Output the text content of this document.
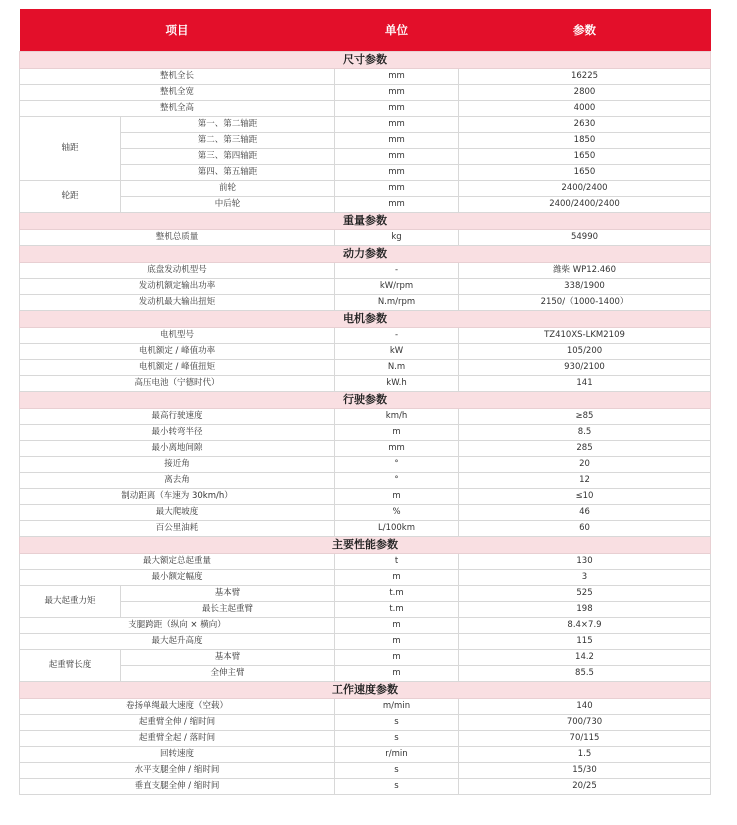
项目		单位	参数
尺寸参数			
整机全长		mm	16225
整机全宽		mm	2800
整机全高		mm	4000
轴距	第一、第二轴距	mm	2630
	第二、第三轴距	mm	1850
	第三、第四轴距	mm	1650
	第四、第五轴距	mm	1650
轮距	前轮	mm	2400/2400
	中后轮	mm	2400/2400/2400
重量参数			
整机总质量		kg	54990
动力参数			
底盘发动机型号		-	潍柴 WP12.460
发动机额定输出功率		kW/rpm	338/1900
发动机最大输出扭矩		N.m/rpm	2150/（1000-1400）
电机参数			
电机型号		-	TZ410XS-LKM2109
电机额定 / 峰值功率		kW	105/200
电机额定 / 峰值扭矩		N.m	930/2100
高压电池（宁德时代）		kW.h	141
行驶参数			
最高行驶速度		km/h	≥85
最小转弯半径		m	8.5
最小离地间隙		mm	285
接近角		°	20
离去角		°	12
制动距离（车速为 30km/h）		m	≤10
最大爬坡度		%	46
百公里油耗		L/100km	60
主要性能参数			
最大额定总起重量		t	130
最小额定幅度		m	3
最大起重力矩	基本臂	t.m	525
	最长主起重臂	t.m	198
支腿跨距（纵向 × 横向）		m	8.4×7.9
最大起升高度		m	115
起重臂长度	基本臂	m	14.2
	全伸主臂	m	85.5
工作速度参数			
卷扬单绳最大速度（空载）		m/min	140
起重臂全伸 / 缩时间		s	700/730
起重臂全起 / 落时间		s	70/115
回转速度		r/min	1.5
水平支腿全伸 / 缩时间		s	15/30
垂直支腿全伸 / 缩时间		s	20/25
